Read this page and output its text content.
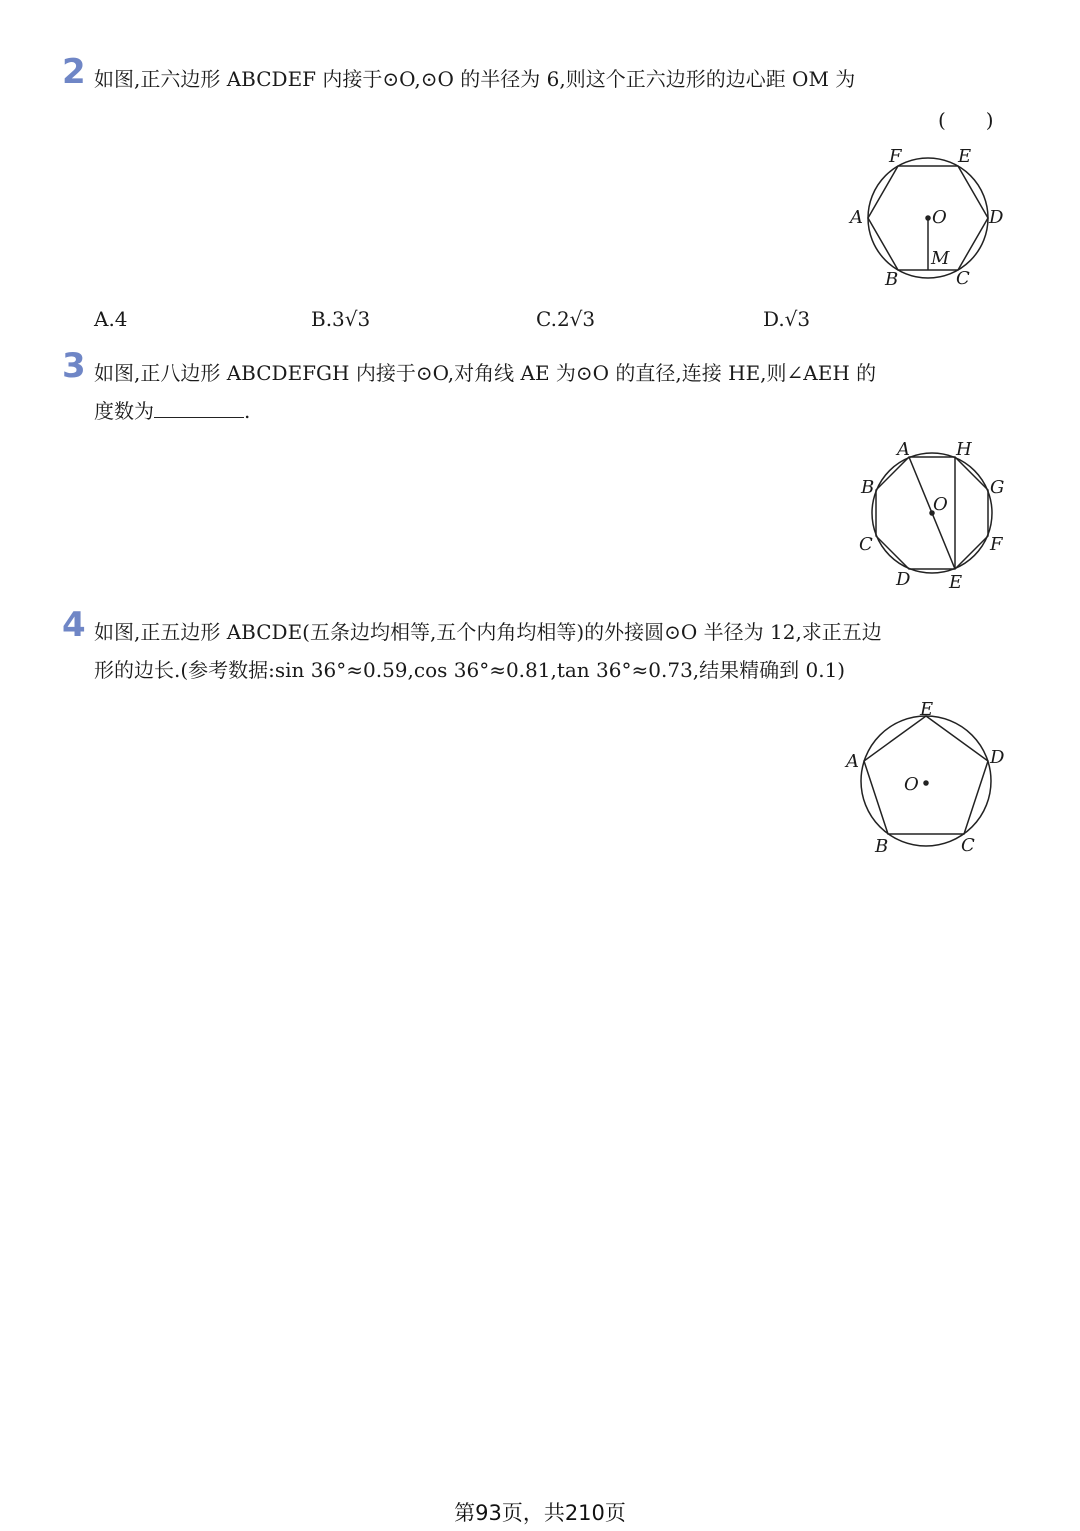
2 如图,正六边形 ABCDEF 内接于⊙O,⊙O 的半径为 6,则这个正六边形的边心距 OM 为
(　　)
F	E
A	O D
M
B	C
A.4	B.3√3	C.2√3	D.√3
3 如图,正八边形 ABCDEFGH 内接于⊙O,对角线 AE 为⊙O 的直径,连接 HE,则∠AEH 的
度数为	.
A	H
B	G
O
C	F
D E
4 如图,正五边形 ABCDE(五条边均相等,五个内角均相等)的外接圆⊙O 半径为 12,求正五边
形的边长.(参考数据:sin 36°≈0.59,cos 36°≈0.81,tan 36°≈0.73,结果精确到 0.1)
E
A	D
O
B	C
第93页，共210页
